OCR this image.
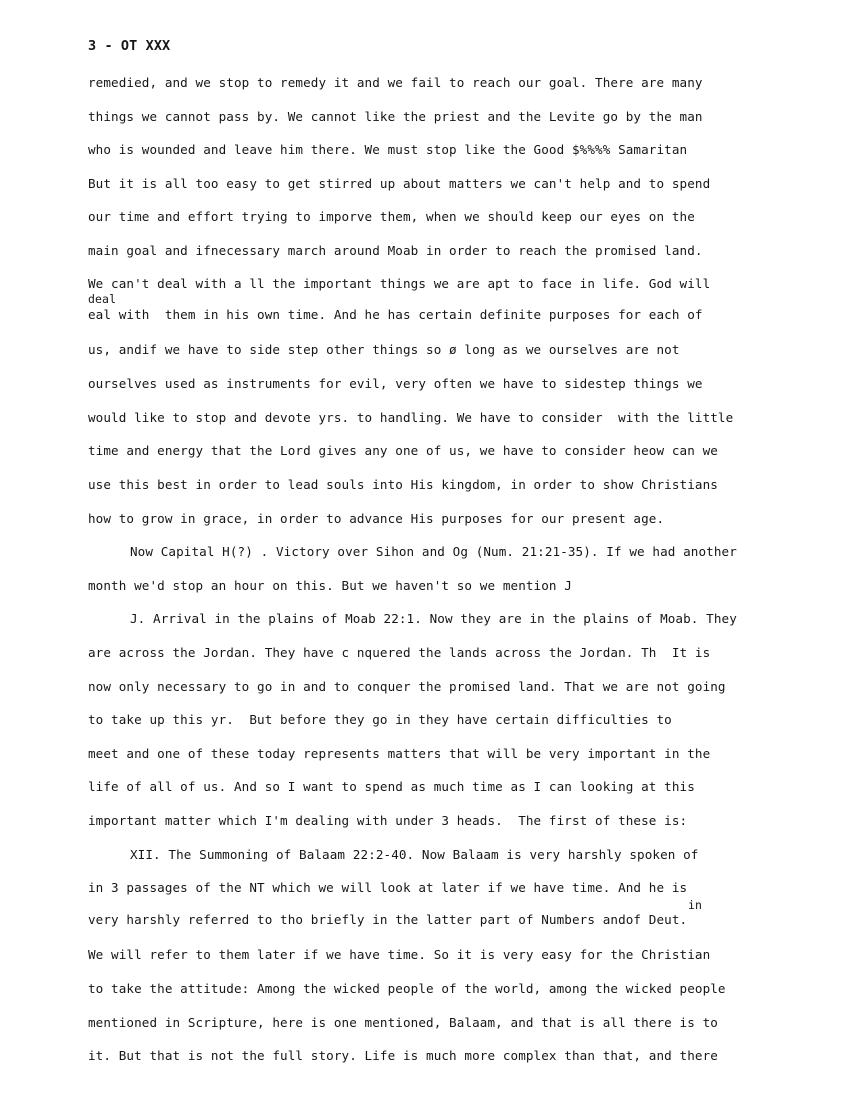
3 - OT XXX
remedied, and we stop to remedy it and we fail to reach our goal. There are many
things we cannot pass by. We cannot like the priest and the Levite go by the man
who is wounded and leave him there. We must stop like the Good $%%%% Samaritan
But it is all too easy to get stirred up about matters we can't help and to spend
our time and effort trying to imporve them, when we should keep our eyes on the
main goal and ifnecessary march around Moab in order to reach the promised land.
We can't deal with a ll the important things we are apt to face in life. God will
deal
eal with  them in his own time. And he has certain definite purposes for each of
us, andif we have to side step other things so ø long as we ourselves are not
ourselves used as instruments for evil, very often we have to sidestep things we
would like to stop and devote yrs. to handling. We have to consider  with the little
time and energy that the Lord gives any one of us, we have to consider heow can we
use this best in order to lead souls into His kingdom, in order to show Christians
how to grow in grace, in order to advance His purposes for our present age.
Now Capital H(?) . Victory over Sihon and Og (Num. 21:21-35). If we had another
month we'd stop an hour on this. But we haven't so we mention J
J. Arrival in the plains of Moab 22:1. Now they are in the plains of Moab. They
are across the Jordan. They have c nquered the lands across the Jordan. Th  It is
now only necessary to go in and to conquer the promised land. That we are not going
to take up this yr.  But before they go in they have certain difficulties to
meet and one of these today represents matters that will be very important in the
life of all of us. And so I want to spend as much time as I can looking at this
important matter which I'm dealing with under 3 heads.  The first of these is:
XII. The Summoning of Balaam 22:2-40. Now Balaam is very harshly spoken of
in 3 passages of the NT which we will look at later if we have time. And he is
in
very harshly referred to tho briefly in the latter part of Numbers andof Deut.
We will refer to them later if we have time. So it is very easy for the Christian
to take the attitude: Among the wicked people of the world, among the wicked people
mentioned in Scripture, here is one mentioned, Balaam, and that is all there is to
it. But that is not the full story. Life is much more complex than that, and there
